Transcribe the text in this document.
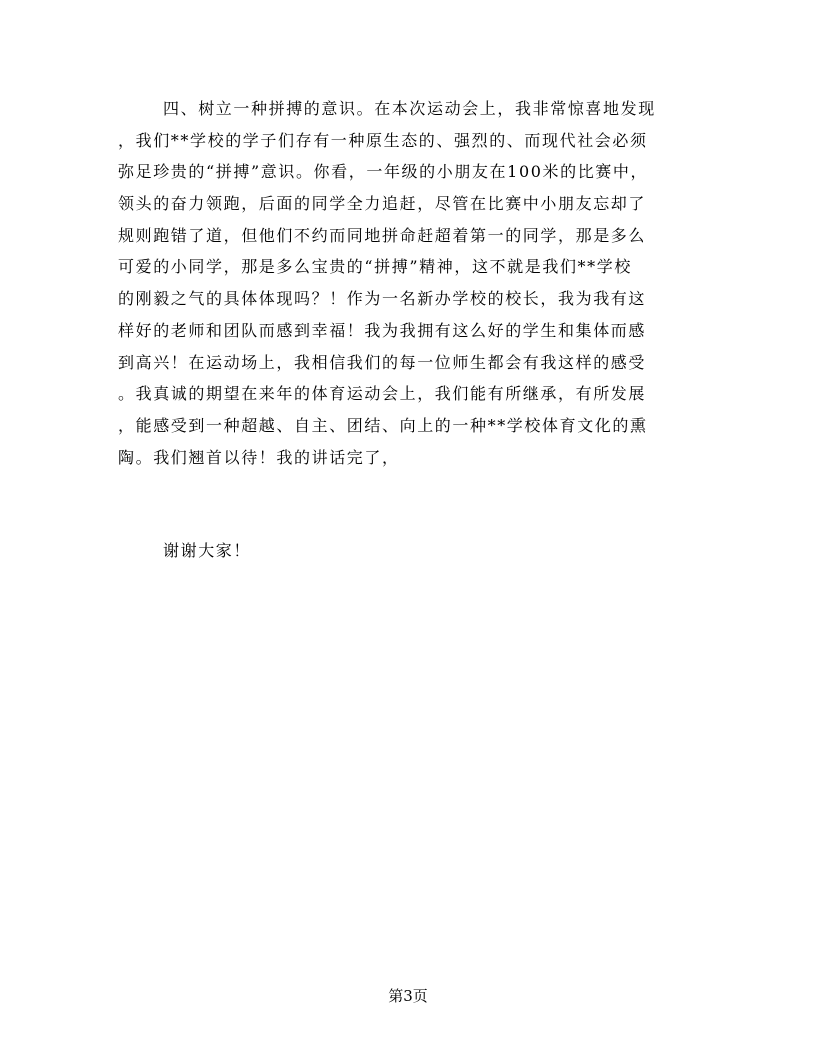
四、树立一种拼搏的意识。在本次运动会上，我非常惊喜地发现
，我们**学校的学子们存有一种原生态的、强烈的、而现代社会必须
弥足珍贵的“拼搏”意识。你看，一年级的小朋友在100米的比赛中，
领头的奋力领跑，后面的同学全力追赶，尽管在比赛中小朋友忘却了
规则跑错了道，但他们不约而同地拼命赶超着第一的同学，那是多么
可爱的小同学，那是多么宝贵的“拼搏”精神，这不就是我们**学校
的刚毅之气的具体体现吗？！作为一名新办学校的校长，我为我有这
样好的老师和团队而感到幸福！我为我拥有这么好的学生和集体而感
到高兴！在运动场上，我相信我们的每一位师生都会有我这样的感受
。我真诚的期望在来年的体育运动会上，我们能有所继承，有所发展
，能感受到一种超越、自主、团结、向上的一种**学校体育文化的熏
陶。我们翘首以待！我的讲话完了，
谢谢大家！
第3页
